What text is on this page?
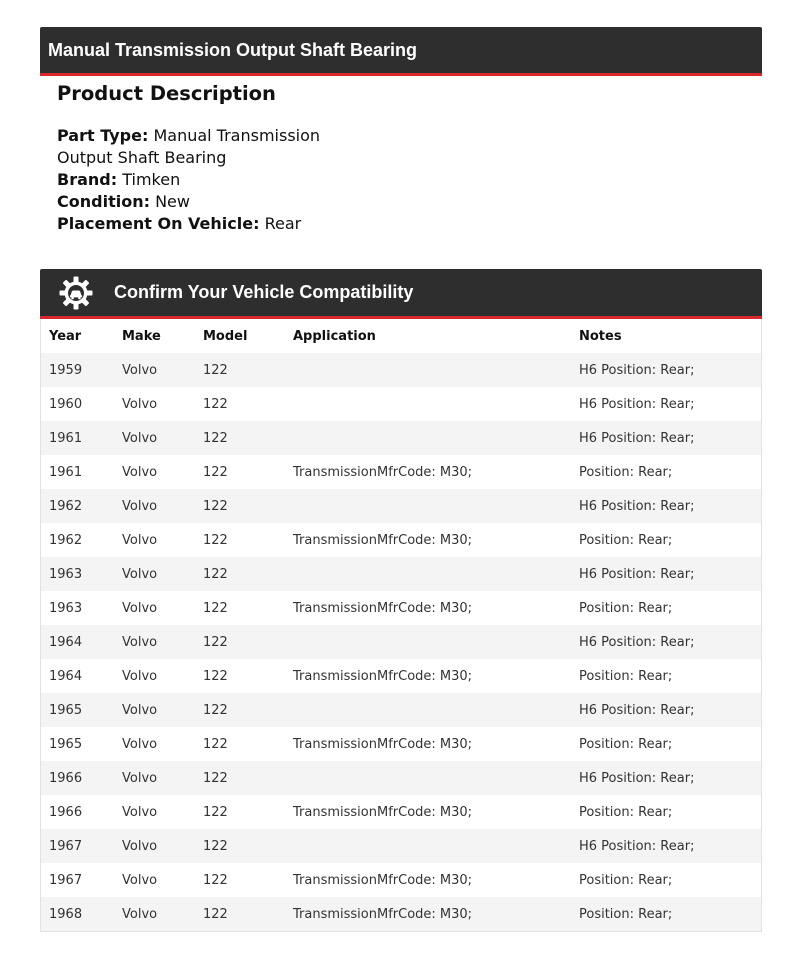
Manual Transmission Output Shaft Bearing
Product Description
Part Type: Manual Transmission Output Shaft Bearing
Brand: Timken
Condition: New
Placement On Vehicle: Rear
Confirm Your Vehicle Compatibility
Year	Make	Model	Application	Notes
1959	Volvo	122		H6 Position: Rear;
1960	Volvo	122		H6 Position: Rear;
1961	Volvo	122		H6 Position: Rear;
1961	Volvo	122	TransmissionMfrCode: M30;	Position: Rear;
1962	Volvo	122		H6 Position: Rear;
1962	Volvo	122	TransmissionMfrCode: M30;	Position: Rear;
1963	Volvo	122		H6 Position: Rear;
1963	Volvo	122	TransmissionMfrCode: M30;	Position: Rear;
1964	Volvo	122		H6 Position: Rear;
1964	Volvo	122	TransmissionMfrCode: M30;	Position: Rear;
1965	Volvo	122		H6 Position: Rear;
1965	Volvo	122	TransmissionMfrCode: M30;	Position: Rear;
1966	Volvo	122		H6 Position: Rear;
1966	Volvo	122	TransmissionMfrCode: M30;	Position: Rear;
1967	Volvo	122		H6 Position: Rear;
1967	Volvo	122	TransmissionMfrCode: M30;	Position: Rear;
1968	Volvo	122	TransmissionMfrCode: M30;	Position: Rear;
